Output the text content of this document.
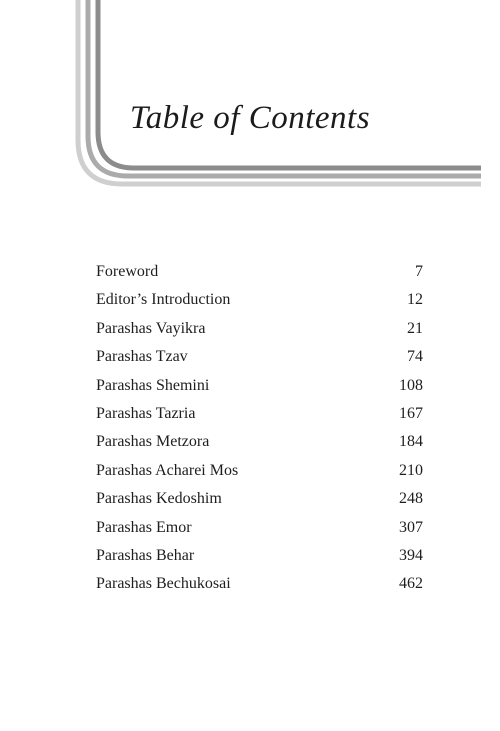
Table of Contents
Foreword	7
Editor’s Introduction	12
Parashas Vayikra	21
Parashas Tzav	74
Parashas Shemini	108
Parashas Tazria	167
Parashas Metzora	184
Parashas Acharei Mos	210
Parashas Kedoshim	248
Parashas Emor	307
Parashas Behar	394
Parashas Bechukosai	462
